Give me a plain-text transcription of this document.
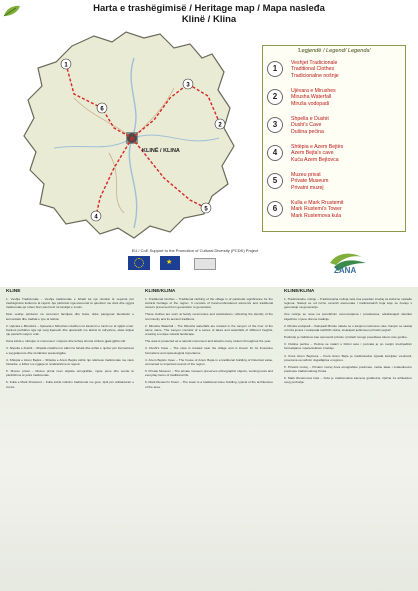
Harta e trashëgimisë / Heritage map / Mapa nasleđa
Klinë / Klina
1
2
3
4
5
6
KLINË / KLINA
'Legjendë / Legend/ Legenda'
1
Veshjet Tradicionale
Traditional Clothes
Tradicionalne nošnje
2
Ujëvara e Mirushes
Mirusha Waterfall
Miruša vodopadi
3
Shpella e Dushit
Dushi's Cave
Dušina pećina
4
Shtëpia e Azem Bejtës
Azem Bejta's cave
Kuća Azem Bejtovca
5
Muzeu privat
Private Museum
Privatni muzej
6
Kulla e Mark Rrustemit
Mark Rustemi's Tower
Mark Rustemova kula
EU / CoE Support to the Promotion of Cultural Diversity (PCDK) Project
★
ZANA
KLINË

1. Veshja Tradicionale – Veshja tradicionale e fshatit ka një rëndësi të veçantë për trashëgiminë kulturore të rajonit. Ajo përbëhet nga elementë të qëndisur me dorë dhe ngjyra tradicionale që ruhen brez pas brezi në familjet e zonës.

Këto veshje përdoren në ceremoni familjare dhe festa, duke pasqyruar identitetin e komunitetit dhe traditat e tyre të lashta.

2. Ujëvara e Mirushës – Ujëvarat e Mirushës ndodhen në kanionin e lumit me të njëjtin emër. Kanioni përbëhet nga një varg liqenesh dhe ujëvarash me lartësi të ndryshme, duke krijuar një peizazh natyror unik.

Zona është e mbrojtur si monument i natyrës dhe tërheq shumë vizitorë gjatë gjithë vitit.

3. Shpella e Dushit – Shpella ndodhet në afërsi të fshatit dhe është e njohur për formacionet e saj gëlqerore dhe rëndësinë speleologjike.

4. Shtëpia e Azem Bejtës – Shtëpia e Azem Bejtës është një ndërtesë tradicionale me vlerë historike, e lidhur me ngjarje të rëndësishme të rajonit.

5. Muzeu privat – Muzeu privat ruan objekte etnografike, mjete pune dhe sende të përditshme të jetës tradicionale.

6. Kulla e Mark Rrustemit – Kulla është ndërtim tradicional me gurë, tipik për arkitekturën e zonës.

KLINË/KLINA

1. Traditional Clothes – Traditional clothing of the village is of particular significance for the cultural heritage of the region. It consists of hand-embroidered elements and traditional colours preserved from generation to generation.

These clothes are worn at family ceremonies and celebrations, reflecting the identity of the community and its ancient traditions.

2. Mirusha Waterfall – The Mirusha waterfalls are located in the canyon of the river of the same name. The canyon consists of a series of lakes and waterfalls of different heights, creating a unique natural landscape.

The area is protected as a natural monument and attracts many visitors throughout the year.

3. Dushi's Cave – The cave is located near the village and is known for its limestone formations and speleological importance.

4. Azem Bejta's Cave – The house of Azem Bejta is a traditional building of historical value, connected to important events of the region.

5. Private Museum – The private museum preserves ethnographic objects, working tools and everyday items of traditional life.

6. Mark Rustemi's Tower – The tower is a traditional stone building, typical of the architecture of the area.

KLINË/KLINA

1. Tradicionalne nošnje – Tradicionalna nošnja sela ima poseban značaj za kulturno nasleđe regiona. Sastoji se od ručno vezenih elemenata i tradicionalnih boja koje se čuvaju s generacije na generaciju.

Ove nošnje se nose na porodičnim ceremonijama i proslavama, odražavajući identitet zajednice i njene drevne tradicije.

2. Miruša vodopadi – Vodopadi Miruše nalaze se u kanjonu istoimene reke. Kanjon se sastoji od niza jezera i vodopada različitih visina, stvarajući jedinstven prirodni pejzaž.

Područje je zaštićeno kao spomenik prirode i privlači mnogo posetilaca tokom cele godine.

3. Dušina pećina – Pećina se nalazi u blizini sela i poznata je po svojim krečnjačkim formacijama i speleološkom značaju.

4. Kuća Azem Bejtovca – Kuća Azem Bejte je tradicionalna zgrada istorijske vrednosti, povezana sa važnim događajima u regionu.

5. Privatni muzej – Privatni muzej čuva etnografske predmete, radne alate i svakodnevne predmete tradicionalnog života.

6. Mark Rustemova kula – Kula je tradicionalna kamena građevina, tipična za arhitekturu ovog područja.
